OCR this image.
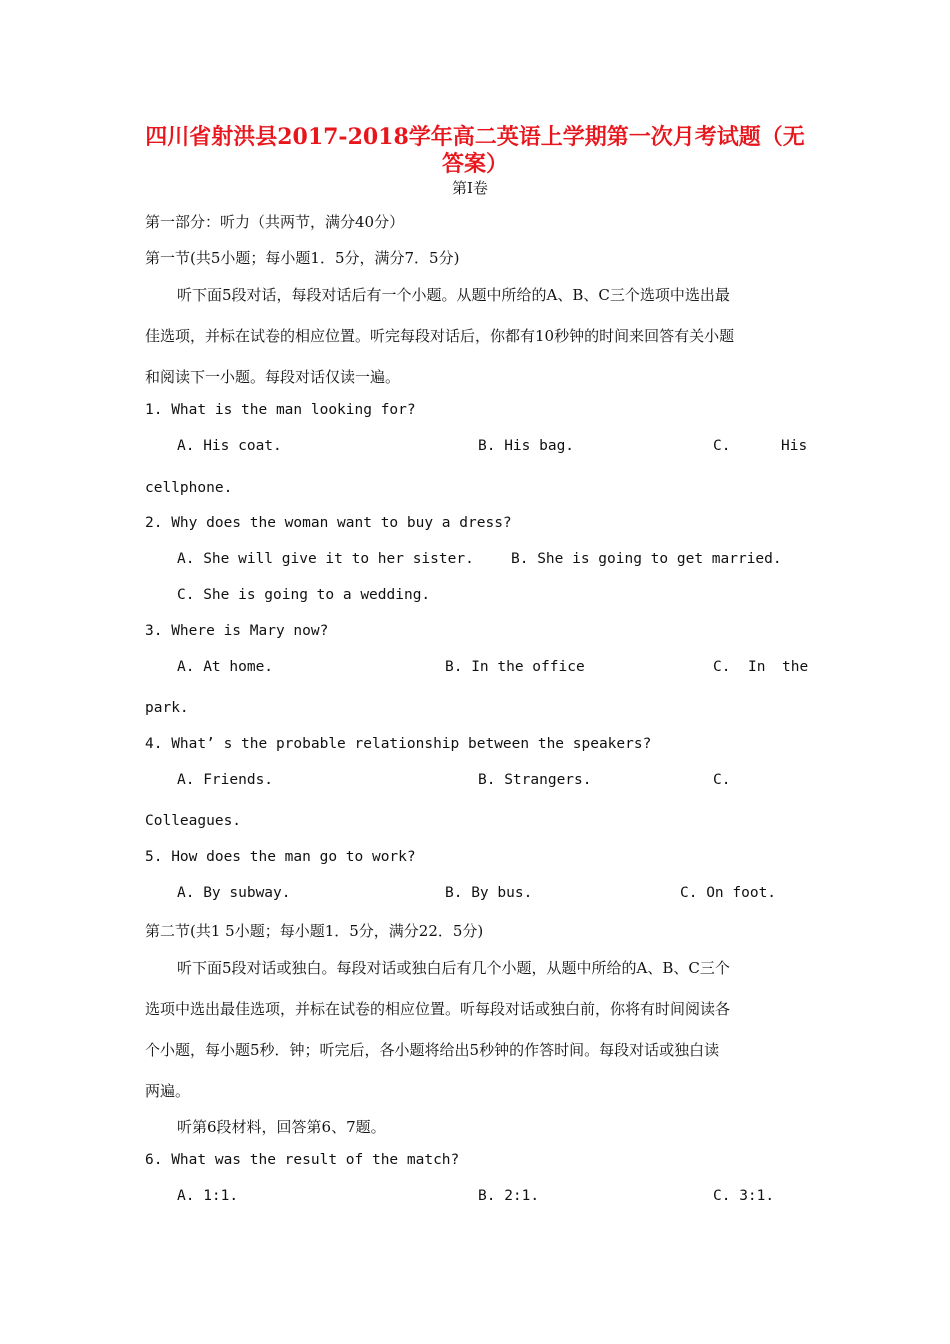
四川省射洪县2017-2018学年高二英语上学期第一次月考试题（无
答案）
第Ⅰ卷
第一部分：听力（共两节，满分40分）
第一节(共5小题；每小题1．5分，满分7．5分)
听下面5段对话，每段对话后有一个小题。从题中所给的A、B、C三个选项中选出最
佳选项，并标在试卷的相应位置。听完每段对话后，你都有10秒钟的时间来回答有关小题
和阅读下一小题。每段对话仅读一遍。
1. What is the man looking for?
A. His coat.	B. His bag.	C.	His
cellphone.
2. Why does the woman want to buy a dress?
A. She will give it to her sister.	B. She is going to get married.
C. She is going to a wedding.
3. Where is Mary now?
A. At home.	B. In the office	C. In the
park.
4. What’ s the probable relationship between the speakers?
A. Friends.	B. Strangers.	C.
Colleagues.
5. How does the man go to work?
A. By subway.	B. By bus.	C. On foot.
第二节(共1 5小题；每小题1．5分，满分22．5分)
听下面5段对话或独白。每段对话或独白后有几个小题，从题中所给的A、B、C三个
选项中选出最佳选项，并标在试卷的相应位置。听每段对话或独白前，你将有时间阅读各
个小题，每小题5秒．钟；听完后，各小题将给出5秒钟的作答时间。每段对话或独白读
两遍。
听第6段材料，回答第6、7题。
6. What was the result of the match?
A. 1:1.	B. 2:1.	C. 3:1.
